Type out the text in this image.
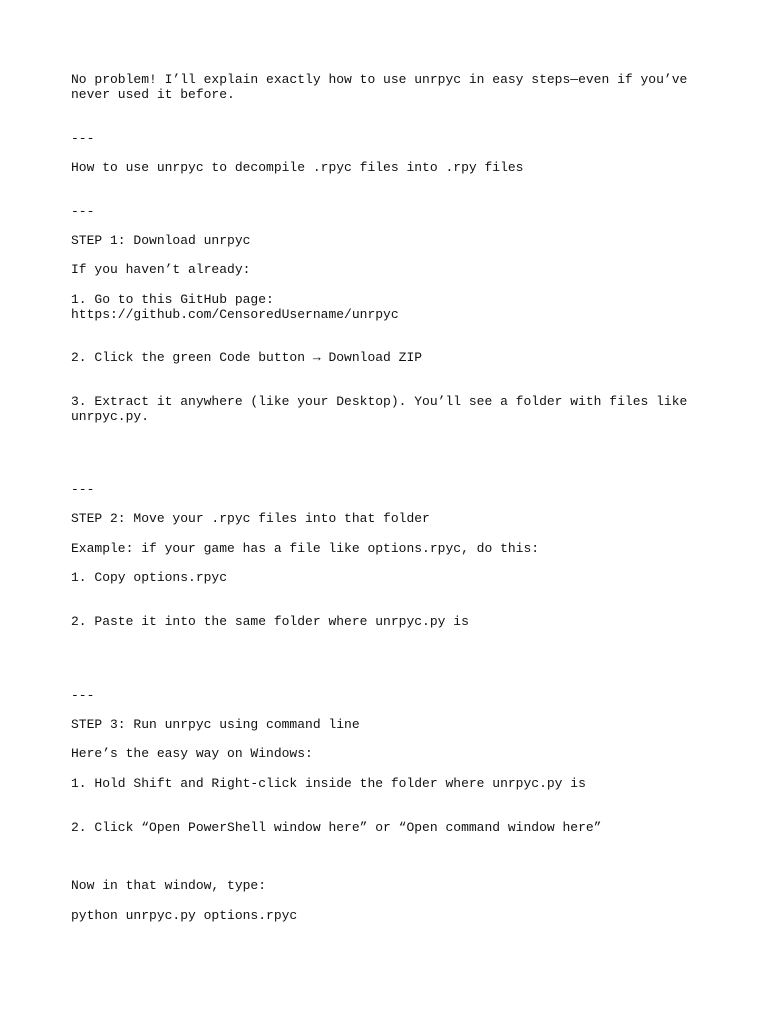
No problem! I’ll explain exactly how to use unrpyc in easy steps—even if you’ve never used it before.

---

How to use unrpyc to decompile .rpyc files into .rpy files

---

STEP 1: Download unrpyc

If you haven’t already:

1. Go to this GitHub page:
https://github.com/CensoredUsername/unrpyc

2. Click the green Code button → Download ZIP

3. Extract it anywhere (like your Desktop). You’ll see a folder with files like unrpyc.py.

---

STEP 2: Move your .rpyc files into that folder

Example: if your game has a file like options.rpyc, do this:

1. Copy options.rpyc

2. Paste it into the same folder where unrpyc.py is

---

STEP 3: Run unrpyc using command line

Here’s the easy way on Windows:

1. Hold Shift and Right-click inside the folder where unrpyc.py is

2. Click “Open PowerShell window here” or “Open command window here”

Now in that window, type:

python unrpyc.py options.rpyc
